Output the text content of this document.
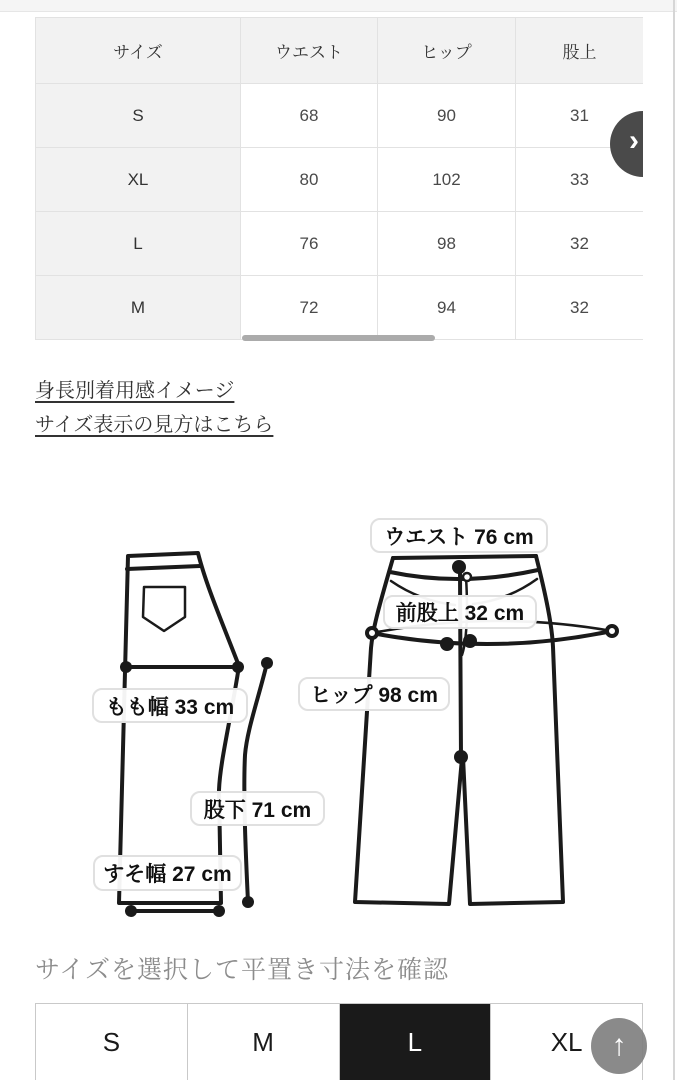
サイズ	ウエスト	ヒップ	股上
S	68	90	31
XL	80	102	33
L	76	98	32
M	72	94	32
›
身長別着用感イメージ
サイズ表示の見方はこちら
ウエスト 76 cm
前股上 32 cm
ヒップ 98 cm
もも幅 33 cm
股下 71 cm
すそ幅 27 cm
サイズを選択して平置き寸法を確認
S	M	L	XL ↑
